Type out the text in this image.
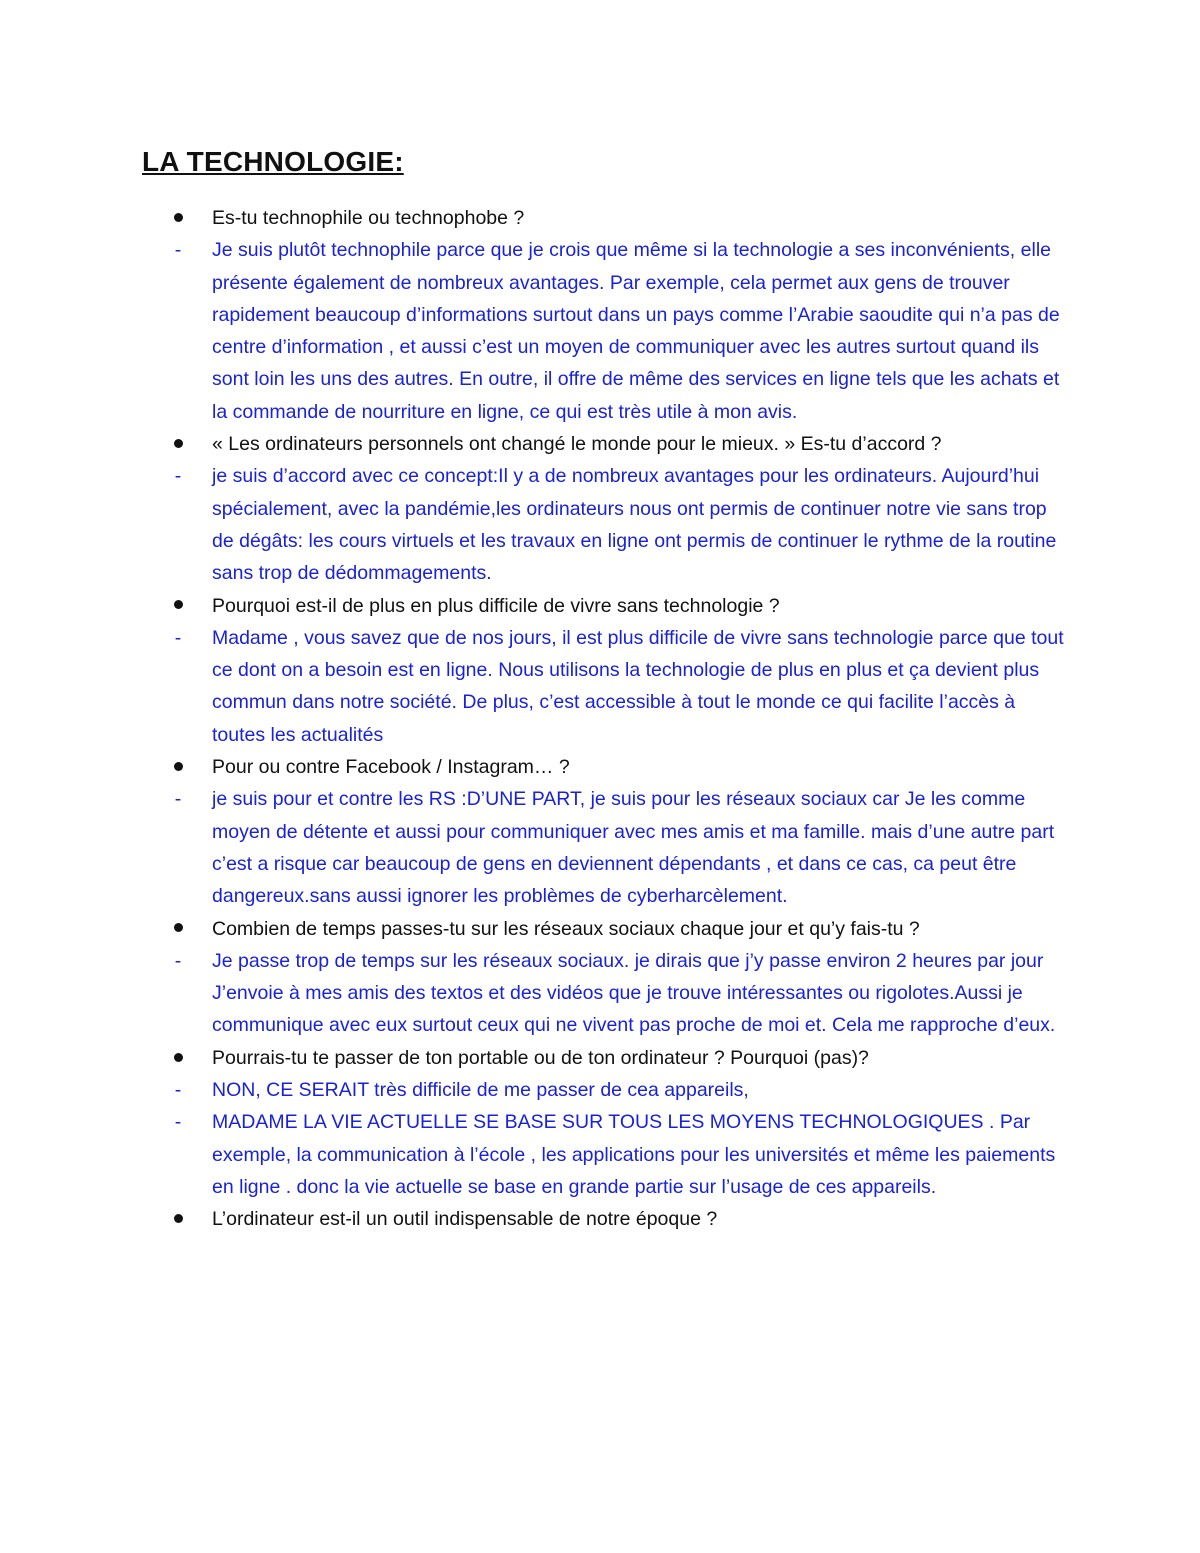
LA TECHNOLOGIE:
Es-tu technophile ou technophobe ?
- Je suis plutôt technophile parce que je crois que même si la technologie a ses inconvénients, elle présente également de nombreux avantages. Par exemple, cela permet aux gens de trouver rapidement beaucoup d’informations surtout dans un pays comme l’Arabie saoudite qui n’a pas de centre d’information , et aussi c’est un moyen de communiquer avec les autres surtout quand ils sont loin les uns des autres. En outre, il offre de même des services en ligne tels que les achats et la commande de nourriture en ligne, ce qui est très utile à mon avis.
« Les ordinateurs personnels ont changé le monde pour le mieux. » Es-tu d’accord ?
- je suis d’accord avec ce concept:Il y a de nombreux avantages pour les ordinateurs. Aujourd’hui spécialement, avec la pandémie,les ordinateurs nous ont permis de continuer notre vie sans trop de dégâts: les cours virtuels et les travaux en ligne ont permis de continuer le rythme de la routine sans trop de dédommagements.
Pourquoi est-il de plus en plus difficile de vivre sans technologie ?
- Madame , vous savez que de nos jours, il est plus difficile de vivre sans technologie parce que tout ce dont on a besoin est en ligne. Nous utilisons la technologie de plus en plus et ça devient plus commun dans notre société. De plus, c’est accessible à tout le monde ce qui facilite l’accès à toutes les actualités
Pour ou contre Facebook / Instagram… ?
- je suis pour et contre les RS :D’UNE PART, je suis pour les réseaux sociaux car Je les comme moyen de détente et aussi pour communiquer avec mes amis et ma famille. mais d’une autre part c’est a risque car beaucoup de gens en deviennent dépendants , et dans ce cas, ca peut être dangereux.sans aussi ignorer les problèmes de cyberharcèlement.
Combien de temps passes-tu sur les réseaux sociaux chaque jour et qu’y fais-tu ?
- Je passe trop de temps sur les réseaux sociaux. je dirais que j’y passe environ 2 heures par jour J’envoie à mes amis des textos et des vidéos que je trouve intéressantes ou rigolotes.Aussi je communique avec eux surtout ceux qui ne vivent pas proche de moi et. Cela me rapproche d’eux.
Pourrais-tu te passer de ton portable ou de ton ordinateur ? Pourquoi (pas)?
- NON, CE SERAIT très difficile de me passer de cea appareils,
- MADAME LA VIE ACTUELLE SE BASE SUR TOUS LES MOYENS TECHNOLOGIQUES . Par exemple, la communication à l’école , les applications pour les universités et même les paiements en ligne . donc la vie actuelle se base en grande partie sur l’usage de ces appareils.
L’ordinateur est-il un outil indispensable de notre époque ?
